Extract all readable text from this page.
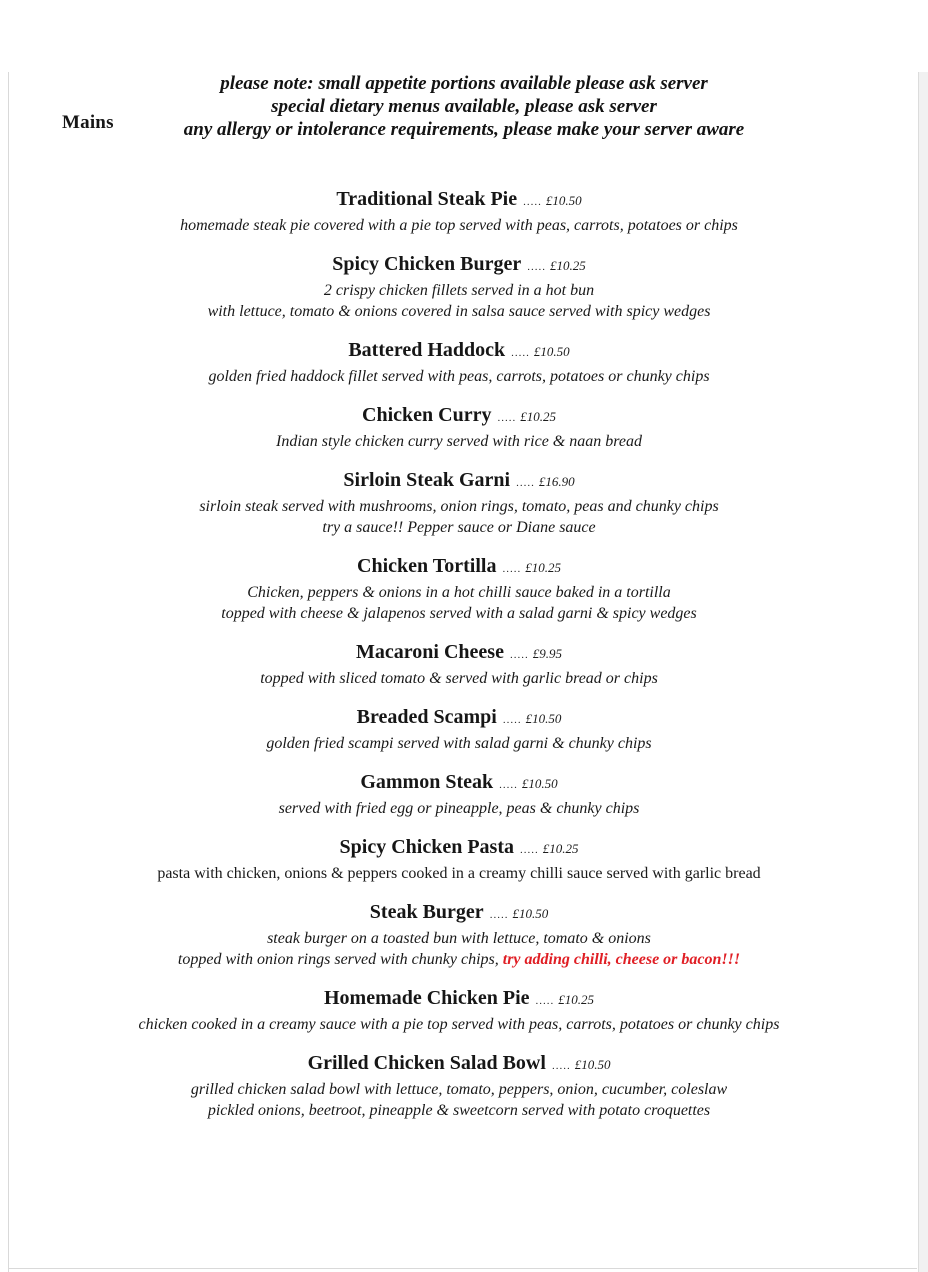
Mains
Traditional Steak Pie ..... £10.50
homemade steak pie covered with a pie top served with peas, carrots, potatoes or chips
Spicy Chicken Burger ..... £10.25
2 crispy chicken fillets served in a hot bun
with lettuce, tomato & onions covered in salsa sauce served with spicy wedges
Battered Haddock ..... £10.50
golden fried haddock fillet served with peas, carrots, potatoes or chunky chips
Chicken Curry ..... £10.25
Indian style chicken curry served with rice & naan bread
Sirloin Steak Garni ..... £16.90
sirloin steak served with mushrooms, onion rings, tomato, peas and chunky chips
try a sauce!! Pepper sauce or Diane sauce
Chicken Tortilla ..... £10.25
Chicken, peppers & onions in a hot chilli sauce baked in a tortilla
topped with cheese & jalapenos served with a salad garni & spicy wedges
Macaroni Cheese ..... £9.95
topped with sliced tomato & served with garlic bread or chips
Breaded Scampi ..... £10.50
golden fried scampi served with salad garni & chunky chips
Gammon Steak ..... £10.50
served with fried egg or pineapple, peas & chunky chips
Spicy Chicken Pasta ..... £10.25
pasta with chicken, onions & peppers cooked in a creamy chilli sauce served with garlic bread
Steak Burger ..... £10.50
steak burger on a toasted bun with lettuce, tomato & onions
topped with onion rings served with chunky chips, try adding chilli, cheese or bacon!!!
Homemade Chicken Pie ..... £10.25
chicken cooked in a creamy sauce with a pie top served with peas, carrots, potatoes or chunky chips
Grilled Chicken Salad Bowl ..... £10.50
grilled chicken salad bowl with lettuce, tomato, peppers, onion, cucumber, coleslaw
pickled onions, beetroot, pineapple & sweetcorn served with potato croquettes
please note: small appetite portions available please ask server
special dietary menus available, please ask server
any allergy or intolerance requirements, please make your server aware
